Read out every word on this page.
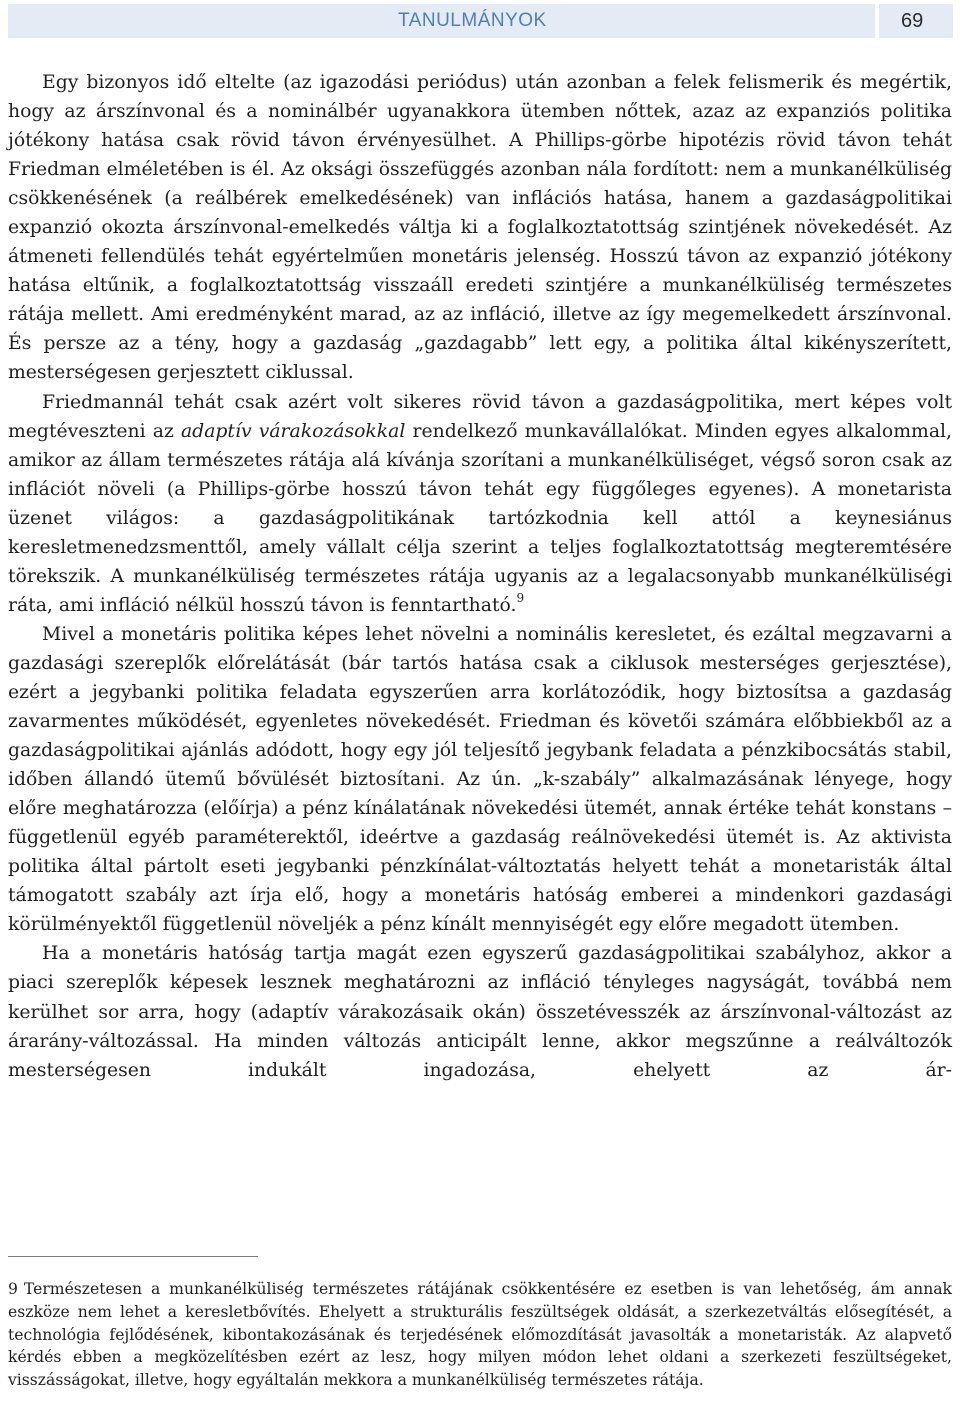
TANULMÁNYOK	69

Egy bizonyos idő eltelte (az igazodási periódus) után azonban a felek felismerik és megértik, hogy az árszínvonal és a nominálbér ugyanakkora ütemben nőttek, azaz az expanziós politika jótékony hatása csak rövid távon érvényesülhet. A Phillips-görbe hipotézis rövid távon tehát Friedman elméletében is él. Az oksági összefüggés azonban nála fordított: nem a munkanélküliség csökkenésének (a reálbérek emelkedésének) van inflációs hatása, hanem a gazdaságpolitikai expanzió okozta árszínvonal-emelkedés váltja ki a foglalkoztatottság szintjének növekedését. Az átmeneti fellendülés tehát egyértelműen monetáris jelenség. Hosszú távon az expanzió jótékony hatása eltűnik, a foglalkoztatottság visszaáll eredeti szintjére a munkanélküliség természetes rátája mellett. Ami eredményként marad, az az infláció, illetve az így megemelkedett árszínvonal. És persze az a tény, hogy a gazdaság „gazdagabb” lett egy, a politika által kikényszerített, mesterségesen gerjesztett ciklussal.

Friedmannál tehát csak azért volt sikeres rövid távon a gazdaságpolitika, mert képes volt megtéveszteni az adaptív várakozásokkal rendelkező munkavállalókat. Minden egyes alkalommal, amikor az állam természetes rátája alá kívánja szorítani a munkanélküliséget, végső soron csak az inflációt növeli (a Phillips-görbe hosszú távon tehát egy függőleges egyenes). A monetarista üzenet világos: a gazdaságpolitikának tartózkodnia kell attól a keynesiánus keresletmenedzsmenttől, amely vállalt célja szerint a teljes foglalkoztatottság megteremtésére törekszik. A munkanélküliség természetes rátája ugyanis az a legalacsonyabb munkanélküliségi ráta, ami infláció nélkül hosszú távon is fenntartható.$^9$

Mivel a monetáris politika képes lehet növelni a nominális keresletet, és ezáltal megzavarni a gazdasági szereplők előrelátását (bár tartós hatása csak a ciklusok mesterséges gerjesztése), ezért a jegybanki politika feladata egyszerűen arra korlátozódik, hogy biztosítsa a gazdaság zavarmentes működését, egyenletes növekedését. Friedman és követői számára előbbiekből az a gazdaságpolitikai ajánlás adódott, hogy egy jól teljesítő jegybank feladata a pénzkibocsátás stabil, időben állandó ütemű bővülését biztosítani. Az ún. „k-szabály” alkalmazásának lényege, hogy előre meghatározza (előírja) a pénz kínálatának növekedési ütemét, annak értéke tehát konstans – függetlenül egyéb paraméterektől, ideértve a gazdaság reálnövekedési ütemét is. Az aktivista politika által pártolt eseti jegybanki pénzkínálat-változtatás helyett tehát a monetaristák által támogatott szabály azt írja elő, hogy a monetáris hatóság emberei a mindenkori gazdasági körülményektől függetlenül növeljék a pénz kínált mennyiségét egy előre megadott ütemben.

Ha a monetáris hatóság tartja magát ezen egyszerű gazdaságpolitikai szabályhoz, akkor a piaci szereplők képesek lesznek meghatározni az infláció tényleges nagyságát, továbbá nem kerülhet sor arra, hogy (adaptív várakozásaik okán) összetévesszék az árszínvonal-változást az árarány-változással. Ha minden változás anticipált lenne, akkor megszűnne a reálváltozók mesterségesen indukált ingadozása, ehelyett az ár-

9 Természetesen a munkanélküliség természetes rátájának csökkentésére ez esetben is van lehetőség, ám annak eszköze nem lehet a keresletbővítés. Ehelyett a strukturális feszültségek oldását, a szerkezetváltás elősegítését, a technológia fejlődésének, kibontakozásának és terjedésének előmozdítását javasolták a monetaristák. Az alapvető kérdés ebben a megközelítésben ezért az lesz, hogy milyen módon lehet oldani a szerkezeti feszültségeket, visszásságokat, illetve, hogy egyáltalán mekkora a munkanélküliség természetes rátája.
